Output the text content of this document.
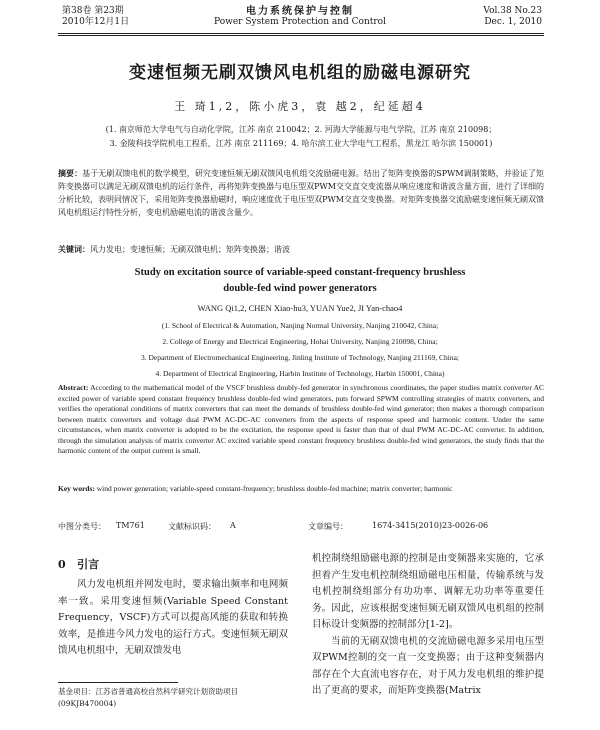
第38卷 第23期
2010年12月1日
电力系统保护与控制
Power System Protection and Control
Vol.38 No.23
Dec. 1, 2010
变速恒频无刷双馈风电机组的励磁电源研究
王 琦1,2，陈小虎3，袁 越2，纪延超4
(1. 南京师范大学电气与自动化学院，江苏 南京 210042；2. 河海大学能源与电气学院，江苏 南京 210098；
3. 金陵科技学院机电工程系，江苏 南京 211169；4. 哈尔滨工业大学电气工程系，黑龙江 哈尔滨 150001)
摘要：基于无刷双馈电机的数学模型，研究变速恒频无刷双馈风电机组交流励磁电源。结出了矩阵变换器的SPWM调制策略，并验证了矩阵变换器可以满足无刷双馈电机的运行条件，再将矩阵变换器与电压型双PWM交交直交变流器从响应速度和谐波含量方面，进行了详细的分析比较，表明同情况下，采用矩阵变换器励磁时，响应速度优于电压型双PWM交直交变换器。对矩阵变换器交流励磁变速恒频无刷双馈风电机组运行特性分析，变电机励磁电流的谐波含量少。
关键词：风力发电；变速恒频；无刷双馈电机；矩阵变换器；谐波
Study on excitation source of variable-speed constant-frequency brushless
double-fed wind power generators
WANG Qi1,2, CHEN Xiao-hu3, YUAN Yue2, JI Yan-chao4
(1. School of Electrical & Automation, Nanjing Normal University, Nanjing 210042, China;
2. College of Energy and Electrical Engineering, Hohai University, Nanjing 210098, China;
3. Department of Electromechanical Engineering, Jinling Institute of Technology, Nanjing 211169, China;
4. Department of Electrical Engineering, Harbin Institute of Technology, Harbin 150001, China)
Abstract: According to the mathematical model of the VSCF brushless doubly-fed generator in synchronous coordinates, the paper studies matrix converter AC excited power of variable speed constant frequency brushless double-fed wind generators, puts forward SPWM controlling strategies of matrix converters, and verifies the operational conditions of matrix converters that can meet the demands of brushless double-fed wind generator; then makes a thorough comparison between matrix converters and voltage dual PWM AC-DC-AC converters from the aspects of response speed and harmonic content. Under the same circumstances, when matrix converter is adopted to be the excitation, the response speed is faster than that of dual PWM AC-DC-AC converter. In addition, through the simulation analysis of matrix converter AC excited variable speed constant frequency brushless double-fed wind generators, the study finds that the harmonic content of the output current is small.
Key words: wind power generation; variable-speed constant-frequency; brushless double-fed machine; matrix converter; harmonic
中图分类号： TM761	文献标识码： A	文章编号：	1674-3415(2010)23-0026-06
0 引言
风力发电机组并网发电时，要求输出频率和电网频率一致。采用变速恒频(Variable Speed Constant Frequency，VSCF)方式可以提高风能的获取和转换效率，是推进今风力发电的运行方式。变速恒频无刷双馈风电机组中，无刷双馈发电
机控制绕组励磁电源的控制是由变频器来实施的，它承担着产生发电机控制绕组励磁电压相量，传输系统与发电机控制绕组部分有功功率、调解无功功率等重要任务。因此，应该根据变速恒频无刷双馈风电机组的控制目标设计变频器的控制部分[1-2]。
当前的无刷双馈电机的交流励磁电源多采用电压型双PWM控制的交一直一交变换器；由于这种变频器内部存在个大直流电容存在，对于风力发电机组的维护提出了更高的要求，而矩阵变换器(Matrix
基金项目：江苏省普通高校自然科学研究计划资助项目(09KJB470004)
